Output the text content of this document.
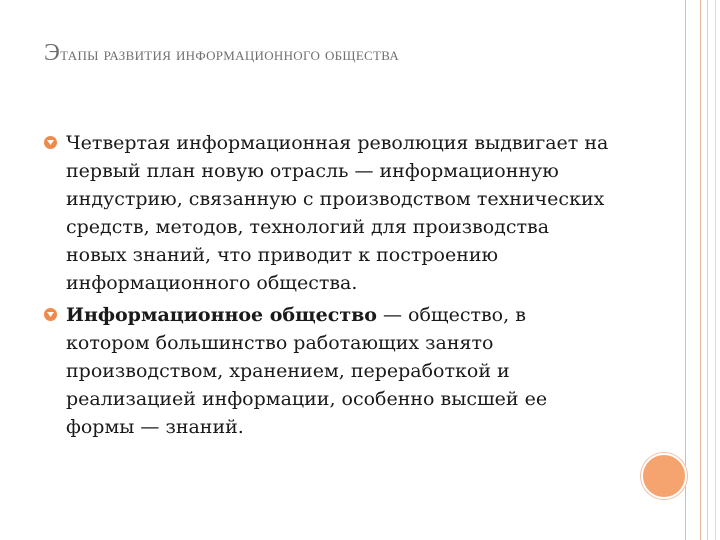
Этапы развития информационного общества
Четвертая информационная революция выдвигает на первый план новую отрасль — информационную индустрию, связанную с производством технических средств, методов, технологий для производства новых знаний, что приводит к построению информационного общества.
Информационное общество — общество, в котором большинство работающих занято производством, хранением, переработкой и реализацией информации, особенно высшей ее формы — знаний.
